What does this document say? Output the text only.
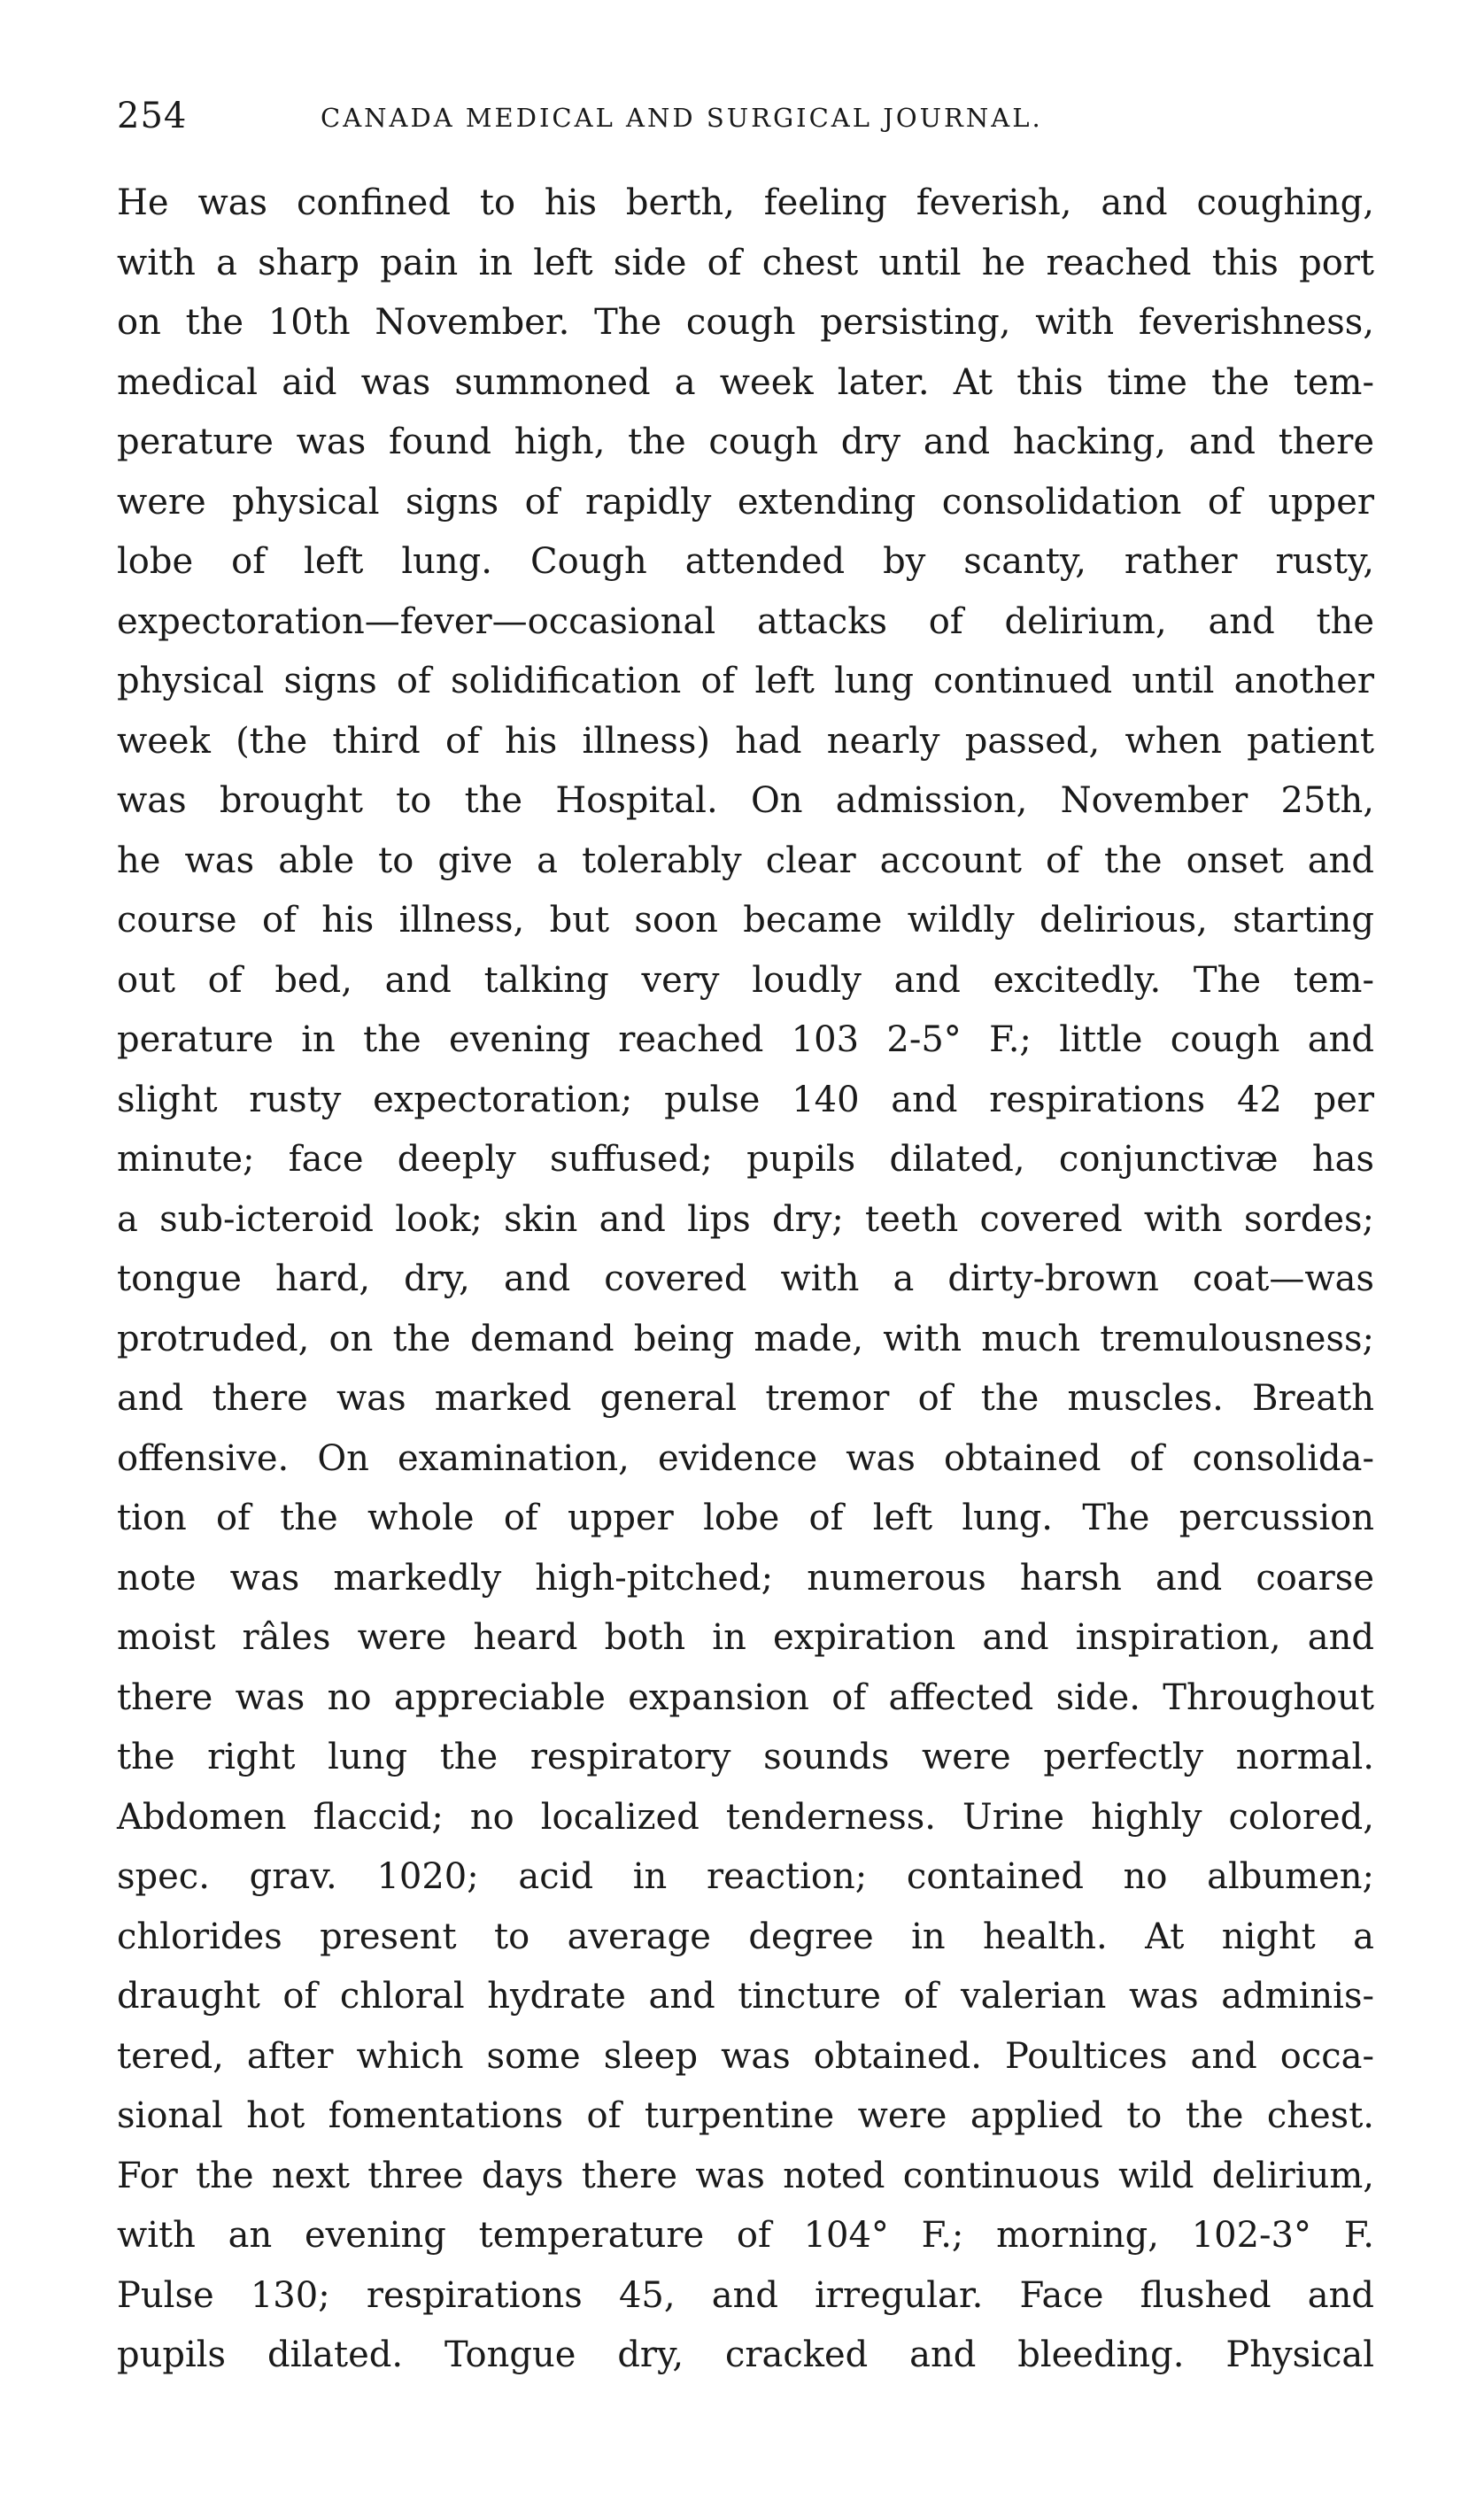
254	CANADA MEDICAL AND SURGICAL JOURNAL.
He was confined to his berth, feeling feverish, and coughing,
with a sharp pain in left side of chest until he reached this port
on the 10th November. The cough persisting, with feverishness,
medical aid was summoned a week later. At this time the tem-
perature was found high, the cough dry and hacking, and there
were physical signs of rapidly extending consolidation of upper
lobe of left lung. Cough attended by scanty, rather rusty,
expectoration—fever—occasional attacks of delirium, and the
physical signs of solidification of left lung continued until another
week (the third of his illness) had nearly passed, when patient
was brought to the Hospital. On admission, November 25th,
he was able to give a tolerably clear account of the onset and
course of his illness, but soon became wildly delirious, starting
out of bed, and talking very loudly and excitedly. The tem-
perature in the evening reached 103 2-5° F.; little cough and
slight rusty expectoration; pulse 140 and respirations 42 per
minute; face deeply suffused; pupils dilated, conjunctivæ has
a sub-icteroid look; skin and lips dry; teeth covered with sordes;
tongue hard, dry, and covered with a dirty-brown coat—was
protruded, on the demand being made, with much tremulousness;
and there was marked general tremor of the muscles. Breath
offensive. On examination, evidence was obtained of consolida-
tion of the whole of upper lobe of left lung. The percussion
note was markedly high-pitched; numerous harsh and coarse
moist râles were heard both in expiration and inspiration, and
there was no appreciable expansion of affected side. Throughout
the right lung the respiratory sounds were perfectly normal.
Abdomen flaccid; no localized tenderness. Urine highly colored,
spec. grav. 1020; acid in reaction; contained no albumen;
chlorides present to average degree in health. At night a
draught of chloral hydrate and tincture of valerian was adminis-
tered, after which some sleep was obtained. Poultices and occa-
sional hot fomentations of turpentine were applied to the chest.
For the next three days there was noted continuous wild delirium,
with an evening temperature of 104° F.; morning, 102-3° F.
Pulse 130; respirations 45, and irregular. Face flushed and
pupils dilated. Tongue dry, cracked and bleeding. Physical
